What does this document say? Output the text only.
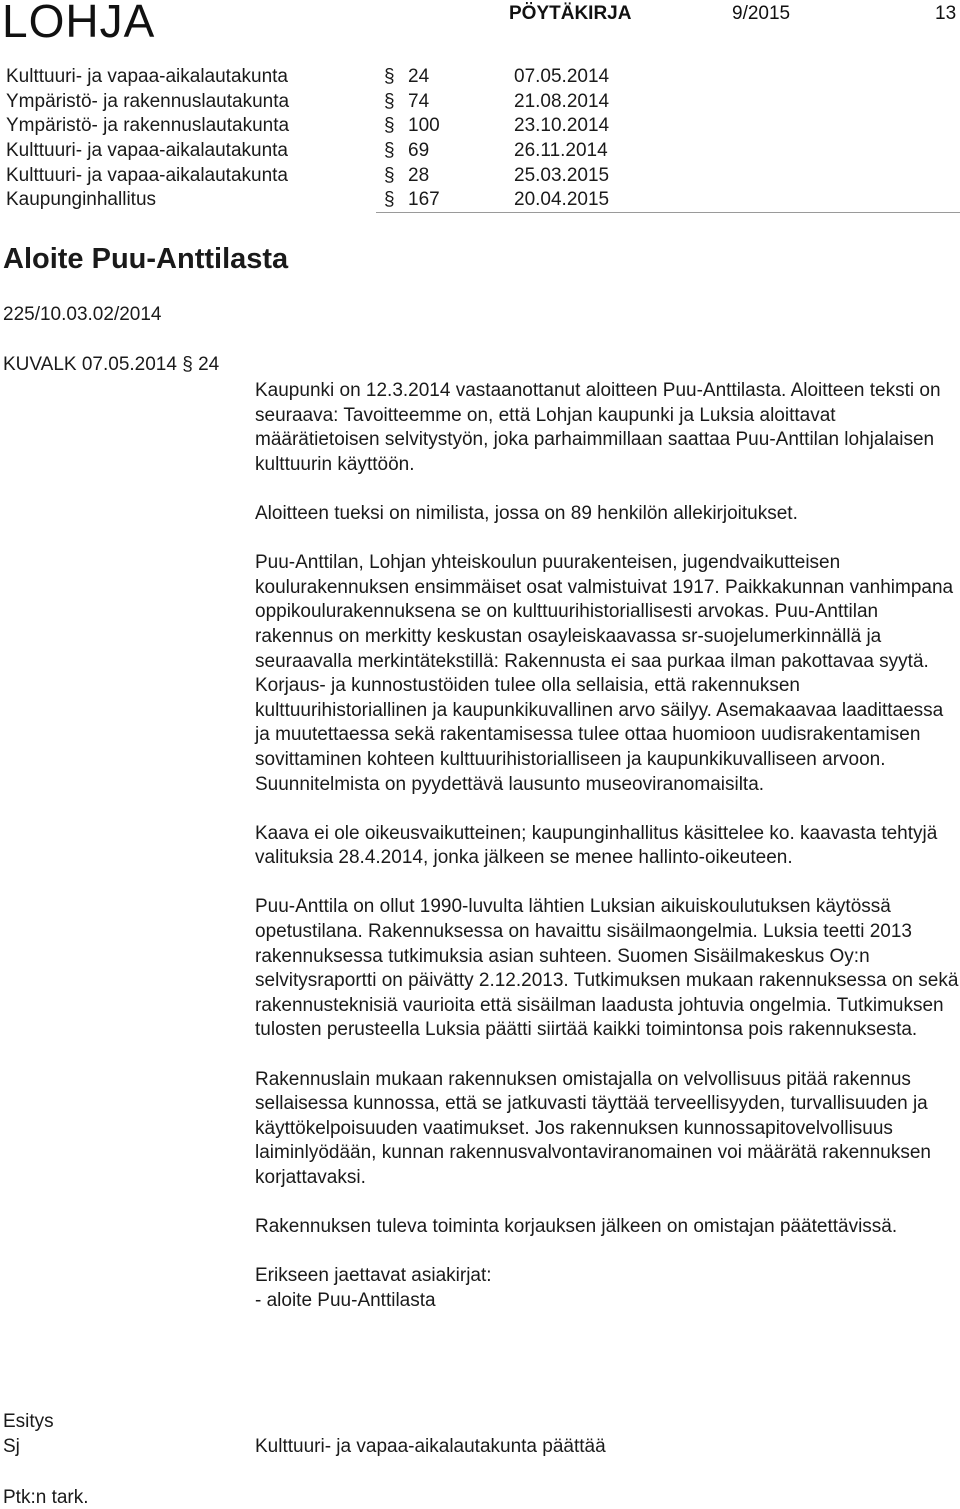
LOHJA	PÖYTÄKIRJA	9/2015	13
Kulttuuri- ja vapaa-aikalautakunta	§ 24	07.05.2014
Ympäristö- ja rakennuslautakunta	§ 74	21.08.2014
Ympäristö- ja rakennuslautakunta	§ 100	23.10.2014
Kulttuuri- ja vapaa-aikalautakunta	§ 69	26.11.2014
Kulttuuri- ja vapaa-aikalautakunta	§ 28	25.03.2015
Kaupunginhallitus	§ 167	20.04.2015
Aloite Puu-Anttilasta
225/10.03.02/2014
KUVALK 07.05.2014 § 24

Kaupunki on 12.3.2014 vastaanottanut aloitteen Puu-Anttilasta. Aloitteen teksti on seuraava: Tavoitteemme on, että Lohjan kaupunki ja Luksia aloittavat määrätietoisen selvitystyön, joka parhaimmillaan saattaa Puu-Anttilan lohjalaisen kulttuurin käyttöön.

Aloitteen tueksi on nimilista, jossa on 89 henkilön allekirjoitukset.

Puu-Anttilan, Lohjan yhteiskoulun puurakenteisen, jugendvaikutteisen koulurakennuksen ensimmäiset osat valmistuivat 1917. Paikkakunnan vanhimpana oppikoulurakennuksena se on kulttuurihistoriallisesti arvokas. Puu-Anttilan rakennus on merkitty keskustan osayleiskaavassa sr-suojelumerkinnällä ja seuraavalla merkintätekstillä: Rakennusta ei saa purkaa ilman pakottavaa syytä. Korjaus- ja kunnostustöiden tulee olla sellaisia, että rakennuksen kulttuurihistoriallinen ja kaupunkikuvallinen arvo säilyy. Asemakaavaa laadittaessa ja muutettaessa sekä rakentamisessa tulee ottaa huomioon uudisrakentamisen sovittaminen kohteen kulttuurihistorialliseen ja kaupunkikuvalliseen arvoon. Suunnitelmista on pyydettävä lausunto museoviranomaisilta.

Kaava ei ole oikeusvaikutteinen; kaupunginhallitus käsittelee ko. kaavasta tehtyjä valituksia 28.4.2014, jonka jälkeen se menee hallinto-oikeuteen.

Puu-Anttila on ollut 1990-luvulta lähtien Luksian aikuiskoulutuksen käytössä opetustilana. Rakennuksessa on havaittu sisäilmaongelmia. Luksia teetti 2013 rakennuksessa tutkimuksia asian suhteen. Suomen Sisäilmakeskus Oy:n selvitysraportti on päivätty 2.12.2013. Tutkimuksen mukaan rakennuksessa on sekä rakennusteknisiä vaurioita että sisäilman laadusta johtuvia ongelmia. Tutkimuksen tulosten perusteella Luksia päätti siirtää kaikki toimintonsa pois rakennuksesta.

Rakennuslain mukaan rakennuksen omistajalla on velvollisuus pitää rakennus sellaisessa kunnossa, että se jatkuvasti täyttää terveellisyyden, turvallisuuden ja käyttökelpoisuuden vaatimukset. Jos rakennuksen kunnossapitovelvollisuus laiminlyödään, kunnan rakennusvalvontaviranomainen voi määrätä rakennuksen korjattavaksi.

Rakennuksen tuleva toiminta korjauksen jälkeen on omistajan päätettävissä.

Erikseen jaettavat asiakirjat:

- aloite Puu-Anttilasta

Esitys
Sj	Kulttuuri- ja vapaa-aikalautakunta päättää
Ptk:n tark.
